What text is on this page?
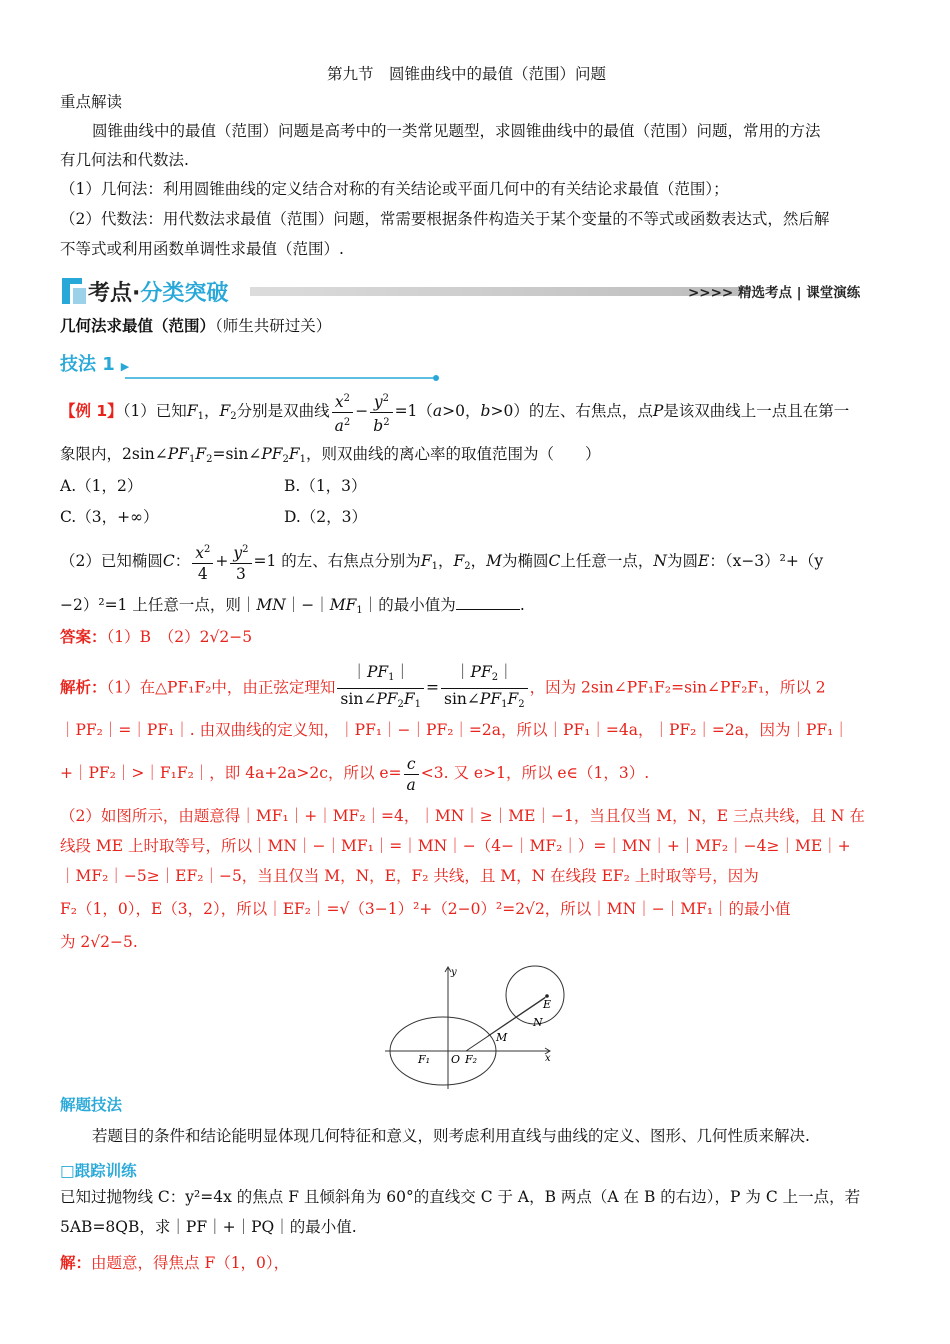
第九节　圆锥曲线中的最值（范围）问题
重点解读
圆锥曲线中的最值（范围）问题是高考中的一类常见题型，求圆锥曲线中的最值（范围）问题，常用的方法
有几何法和代数法.
（1）几何法：利用圆锥曲线的定义结合对称的有关结论或平面几何中的有关结论求最值（范围）；
（2）代数法：用代数法求最值（范围）问题，常需要根据条件构造关于某个变量的不等式或函数表达式，然后解
不等式或利用函数单调性求最值（范围）.
考点·分类突破	>>>> 精选考点 | 课堂演练
几何法求最值（范围）（师生共研过关）
技法 1 ▶
【例 1】（1）已知$F_1$，$F_2$分别是双曲线 $\frac{x^2}{a^2} - \frac{y^2}{b^2} =1(a>0$，b>0）的左、右焦点，点P是该双曲线上一点且在第一
象限内，$2\sin\angle PF_1F_2=\sin\angle PF_2F_1$，则双曲线的离心率的取值范围为（　　）
A.（1，2）	B.（1，3）
C.（3，+∞）	D.（2，3）
（2）已知椭圆C： $\frac{x^2}{4} + \frac{y^2}{3} =1$ 的左、右焦点分别为$F_1$，$F_2$，M为椭圆C上任意一点，N为圆E：（x−3）²+（y
−2）²=1 上任意一点，则$|MN|-|MF_1|$的最小值为	.
答案：（1）B　（2）2√2−5
解析：（1）在△PF₁F₂中，由正弦定理知 $\frac{|PF_1|}{\sin\angle PF_2F_1} = \frac{|PF_2|}{\sin\angle PF_1F_2}$ ，因为 2sin∠PF₁F₂=sin∠PF₂F₁，所以 2
｜PF₂｜=｜PF₁｜. 由双曲线的定义知，｜PF₁｜−｜PF₂｜=2a，所以｜PF₁｜=4a，｜PF₂｜=2a，因为｜PF₁｜
+｜PF₂｜>｜F₁F₂｜，即 4a+2a>2c，所以 $e= \frac{c}{a} <3$. 又 e>1，所以 e∈（1，3）.
（2）如图所示，由题意得｜MF₁｜+｜MF₂｜=4，｜MN｜≥｜ME｜−1，当且仅当 M，N，E 三点共线，且 N 在
线段 ME 上时取等号，所以｜MN｜−｜MF₁｜=｜MN｜−（4−｜MF₂｜）=｜MN｜+｜MF₂｜−4≥｜ME｜+
｜MF₂｜−5≥｜EF₂｜−5，当且仅当 M，N，E，F₂ 共线，且 M，N 在线段 EF₂ 上时取等号，因为
F₂（1，0），E（3，2），所以｜EF₂｜=√（3−1）²+（2−0）²=2√2，所以｜MN｜−｜MF₁｜的最小值
为 2√2−5.
y
x
O
F₁	F₂
M
N
E
解题技法
若题目的条件和结论能明显体现几何特征和意义，则考虑利用直线与曲线的定义、图形、几何性质来解决.
□跟踪训练
已知过抛物线 C：y²=4x 的焦点 F 且倾斜角为 60°的直线交 C 于 A，B 两点（A 在 B 的右边），P 为 C 上一点，若
5AB=8QB，求｜PF｜+｜PQ｜的最小值.
解：由题意，得焦点 F（1，0），
